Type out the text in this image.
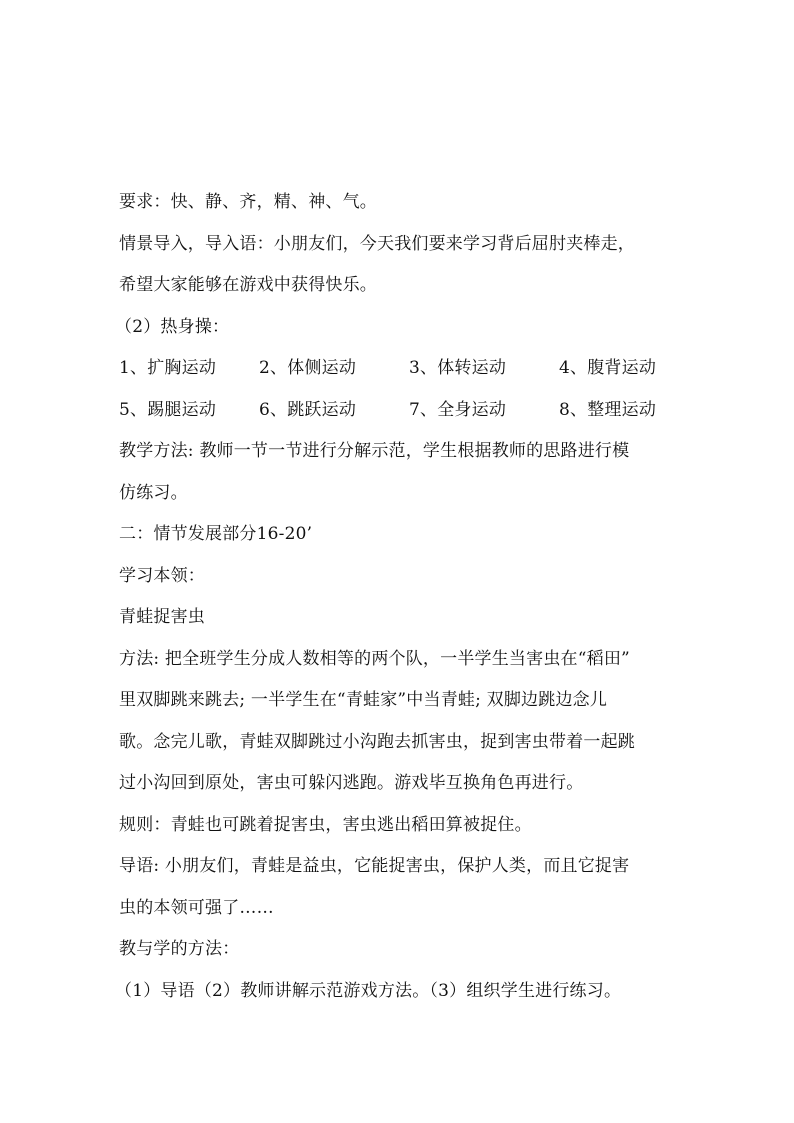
要求：快、静、齐，精、神、气。
情景导入，导入语：小朋友们，今天我们要来学习背后屈肘夹棒走，
希望大家能够在游戏中获得快乐。
（2）热身操：
1、扩胸运动	2、体侧运动	3、体转运动	4、腹背运动
5、踢腿运动	6、跳跃运动	7、全身运动	8、整理运动
教学方法: 教师一节一节进行分解示范，学生根据教师的思路进行模
仿练习。
二：情节发展部分16-20’
学习本领：
青蛙捉害虫
方法: 把全班学生分成人数相等的两个队，一半学生当害虫在“稻田”
里双脚跳来跳去; 一半学生在“青蛙家”中当青蛙; 双脚边跳边念儿
歌。念完儿歌，青蛙双脚跳过小沟跑去抓害虫，捉到害虫带着一起跳
过小沟回到原处，害虫可躲闪逃跑。游戏毕互换角色再进行。
规则：青蛙也可跳着捉害虫，害虫逃出稻田算被捉住。
导语: 小朋友们，青蛙是益虫，它能捉害虫，保护人类，而且它捉害
虫的本领可强了……
教与学的方法：
（1）导语（2）教师讲解示范游戏方法。（3）组织学生进行练习。
